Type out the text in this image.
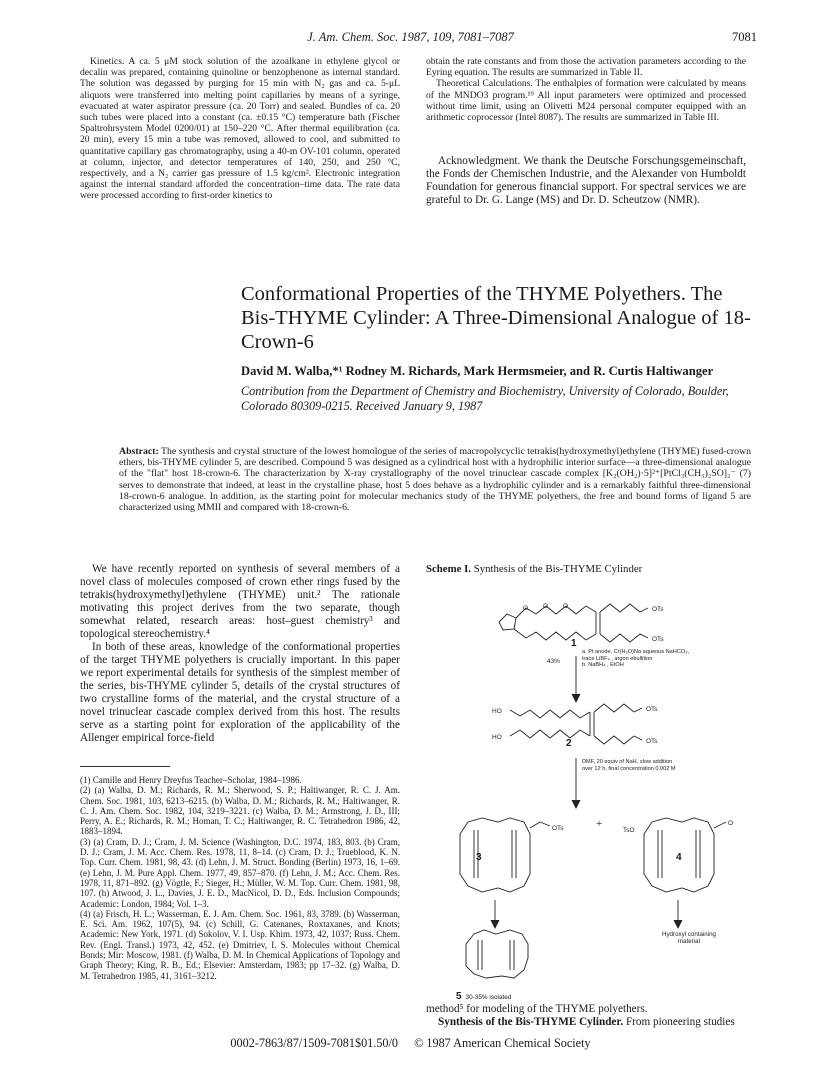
J. Am. Chem. Soc. 1987, 109, 7081–7087	7081

Kinetics. A ca. 5 μM stock solution of the azoalkane in ethylene glycol or decalin was prepared, containing quinoline or benzophenone as internal standard. The solution was degassed by purging for 15 min with N₂ gas and ca. 5-μL aliquots were transferred into melting point capillaries by means of a syringe, evacuated at water aspirator pressure (ca. 20 Torr) and sealed. Bundles of ca. 20 such tubes were placed into a constant (ca. ±0.15 °C) temperature bath (Fischer Spaltrohrsystem Model 0200/01) at 150–220 °C. After thermal equilibration (ca. 20 min), every 15 min a tube was removed, allowed to cool, and submitted to quantitative capillary gas chromatography, using a 40-m OV-101 column, operated at column, injector, and detector temperatures of 140, 250, and 250 °C, respectively, and a N₂ carrier gas pressure of 1.5 kg/cm². Electronic integration against the internal standard afforded the concentration–time data. The rate data were processed according to first-order kinetics to

obtain the rate constants and from those the activation parameters according to the Eyring equation. The results are summarized in Table II.

Theoretical Calculations. The enthalpies of formation were calculated by means of the MNDO3 program.¹⁹ All input parameters were optimized and processed without time limit, using an Olivetti M24 personal computer equipped with an arithmetic coprocessor (Intel 8087). The results are summarized in Table III.

Acknowledgment. We thank the Deutsche Forschungsgemeinschaft, the Fonds der Chemischen Industrie, and the Alexander von Humboldt Foundation for generous financial support. For spectral services we are grateful to Dr. G. Lange (MS) and Dr. D. Scheutzow (NMR).

Conformational Properties of the THYME Polyethers. The Bis-THYME Cylinder: A Three-Dimensional Analogue of 18-Crown-6
David M. Walba,*¹ Rodney M. Richards, Mark Hermsmeier, and R. Curtis Haltiwanger
Contribution from the Department of Chemistry and Biochemistry, University of Colorado, Boulder, Colorado 80309-0215. Received January 9, 1987
Abstract: The synthesis and crystal structure of the lowest homologue of the series of macropolycyclic tetrakis(hydroxymethyl)ethylene (THYME) fused-crown ethers, bis-THYME cylinder 5, are described. Compound 5 was designed as a cylindrical host with a hydrophilic interior surface—a three-dimensional analogue of the "flat" host 18-crown-6. The characterization by X-ray crystallography of the novel trinuclear cascade complex [K₂(OH₂)·5]²⁺[PtCl₃(CH₃)₂SO]₂⁻ (7) serves to demonstrate that indeed, at least in the crystalline phase, host 5 does behave as a hydrophilic cylinder and is a remarkably faithful three-dimensional 18-crown-6 analogue. In addition, as the starting point for molecular mechanics study of the THYME polyethers, the free and bound forms of ligand 5 are characterized using MMII and compared with 18-crown-6.

We have recently reported on synthesis of several members of a novel class of molecules composed of crown ether rings fused by the tetrakis(hydroxymethyl)ethylene (THYME) unit.² The rationale motivating this project derives from the two separate, though somewhat related, research areas: host–guest chemistry³ and topological stereochemistry.⁴

In both of these areas, knowledge of the conformational properties of the target THYME polyethers is crucially important. In this paper we report experimental details for synthesis of the simplest member of the series, bis-THYME cylinder 5, details of the crystal structures of two crystalline forms of the material, and the crystal structure of a novel trinuclear cascade complex derived from this host. The results serve as a starting point for exploration of the applicability of the Allenger empirical force-field

(1) Camille and Henry Dreyfus Teacher–Scholar, 1984–1986.

(2) (a) Walba, D. M.; Richards, R. M.; Sherwood, S. P.; Haltiwanger, R. C. J. Am. Chem. Soc. 1981, 103, 6213–6215. (b) Walba, D. M.; Richards, R. M.; Haltiwanger, R. C. J. Am. Chem. Soc. 1982, 104, 3219–3221. (c) Walba, D. M.; Armstrong, J. D., III; Perry, A. E.; Richards, R. M.; Homan, T. C.; Haltiwanger, R. C. Tetrahedron 1986, 42, 1883–1894.

(3) (a) Cram, D. J.; Cram, J. M. Science (Washington, D.C. 1974, 183, 803. (b) Cram, D. J.; Cram, J. M. Acc. Chem. Res. 1978, 11, 8–14. (c) Cram, D. J.; Trueblood, K. N. Top. Curr. Chem. 1981, 98, 43. (d) Lehn, J. M. Struct. Bonding (Berlin) 1973, 16, 1–69. (e) Lehn, J. M. Pure Appl. Chem. 1977, 49, 857–870. (f) Lehn, J. M.; Acc. Chem. Res. 1978, 11, 871–892. (g) Vögtle, F.; Sieger, H.; Müller, W. M. Top. Curr. Chem. 1981, 98, 107. (h) Atwood, J. L., Davies, J. E. D., MacNicol, D. D., Eds. Inclusion Compounds; Academic: London, 1984; Vol. 1–3.

(4) (a) Frisch, H. L.; Wasserman, E. J. Am. Chem. Soc. 1961, 83, 3789. (b) Wasserman, E. Sci. Am. 1962, 107(5), 94. (c) Schill, G. Catenanes, Roxtaxanes, and Knots; Academic: New York, 1971. (d) Sokolov, V. I. Usp. Khim. 1973, 42, 1037; Russ. Chem. Rev. (Engl. Transl.) 1973, 42, 452. (e) Dmitriev, I. S. Molecules without Chemical Bonds; Mir: Moscow, 1981. (f) Walba, D. M. In Chemical Applications of Topology and Graph Theory; King, R. B., Ed.; Elsevier: Amsterdam, 1983; pp 17–32. (g) Walba, D. M. Tetrahedron 1985, 41, 3161–3212.

Scheme I. Synthesis of the Bis-THYME Cylinder
O O O	OTs
OTs
HO
HO
OTs
OTs
OTs	TsO
O
1
43%
a. Pt anode, Cr(H₂O)Na aqueous NaHCO₃,
trace LiBF₄ , argon ebullition
b. NaBH₄ , EtOH
2
DMF, 20 equiv of NaH, slow addition
over 12 h, final concentration 0.002 M
+
3	4
Hydroxyl containing
material
5 30-35% isolated
method⁵ for modeling of the THYME polyethers.
Synthesis of the Bis-THYME Cylinder. From pioneering studies
0002-7863/87/1509-7081$01.50/0 © 1987 American Chemical Society
